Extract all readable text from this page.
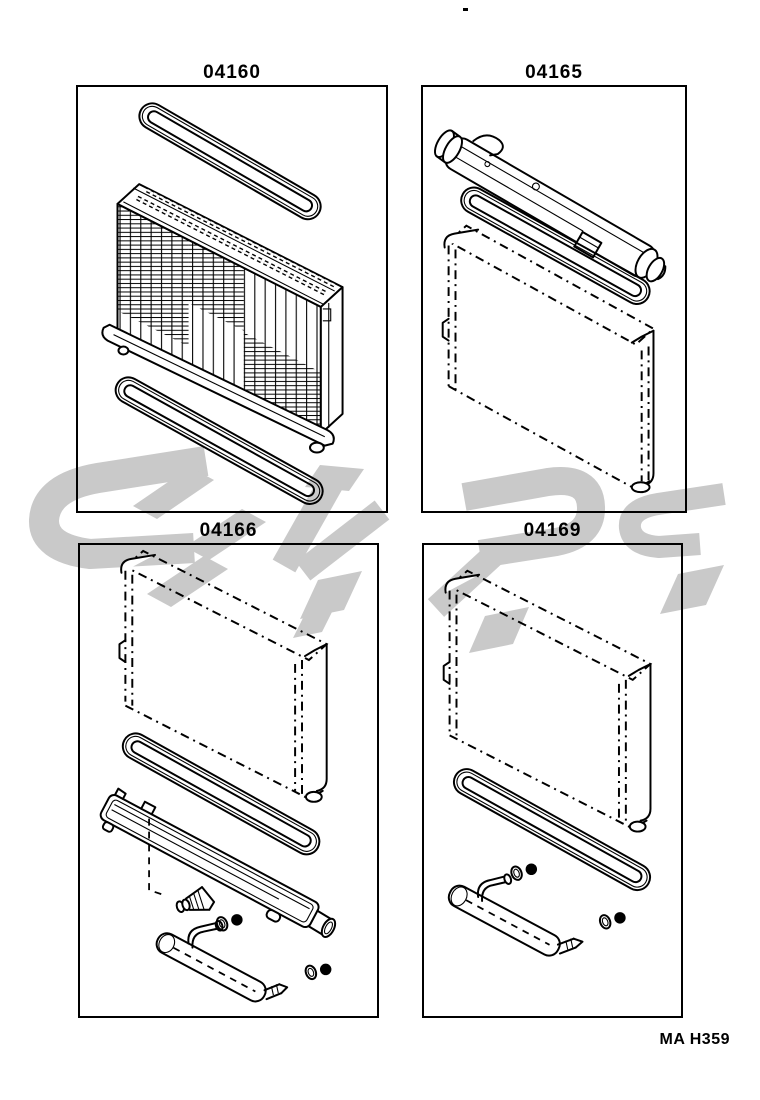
04160	04165
04166	04169
MA H359
